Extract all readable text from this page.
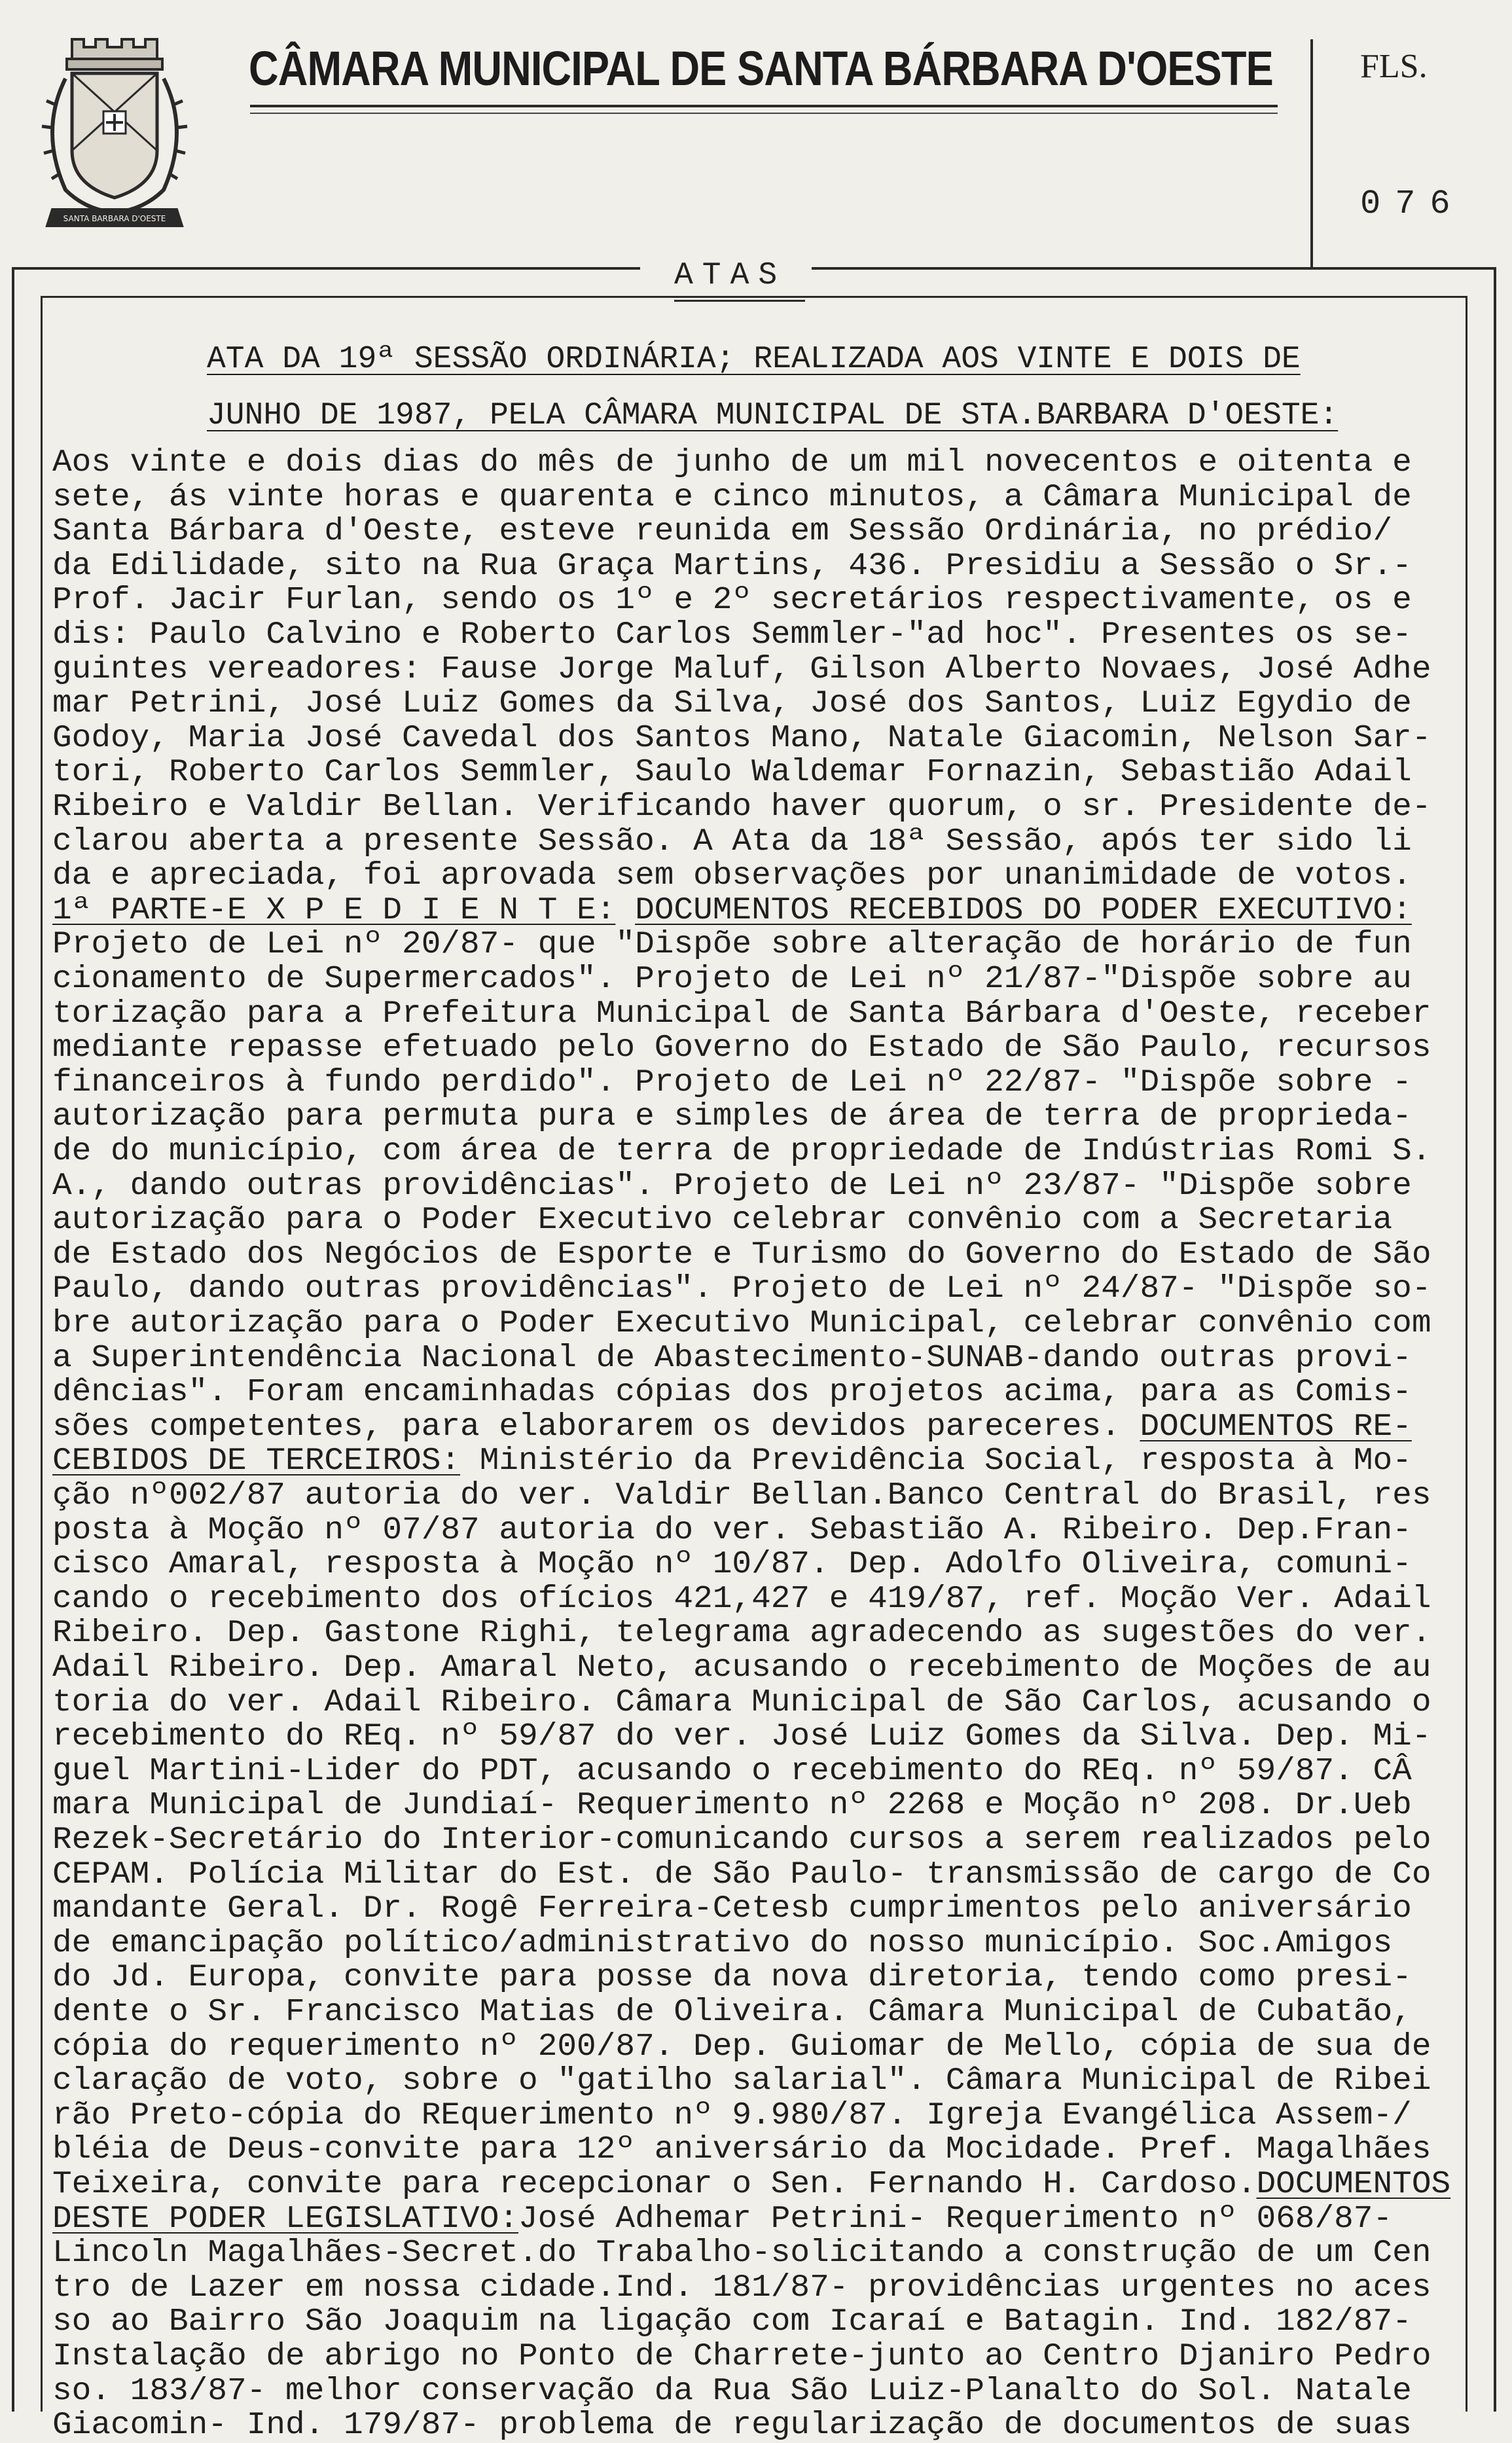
SANTA BARBARA D'OESTE
CÂMARA MUNICIPAL DE SANTA BÁRBARA D'OESTE	FLS.
076
ATAS
ATA DA 19ª SESSÃO ORDINÁRIA; REALIZADA AOS VINTE E DOIS DE
JUNHO DE 1987, PELA CÂMARA MUNICIPAL DE STA.BARBARA D'OESTE:
Aos vinte e dois dias do mês de junho de um mil novecentos e oitenta e
sete, ás vinte horas e quarenta e cinco minutos, a Câmara Municipal de
Santa Bárbara d'Oeste, esteve reunida em Sessão Ordinária, no prédio/
da Edilidade, sito na Rua Graça Martins, 436. Presidiu a Sessão o Sr.-
Prof. Jacir Furlan, sendo os 1º e 2º secretários respectivamente, os e
dis: Paulo Calvino e Roberto Carlos Semmler-"ad hoc". Presentes os se-
guintes vereadores: Fause Jorge Maluf, Gilson Alberto Novaes, José Adhe
mar Petrini, José Luiz Gomes da Silva, José dos Santos, Luiz Egydio de
Godoy, Maria José Cavedal dos Santos Mano, Natale Giacomin, Nelson Sar-
tori, Roberto Carlos Semmler, Saulo Waldemar Fornazin, Sebastião Adail
Ribeiro e Valdir Bellan. Verificando haver quorum, o sr. Presidente de-
clarou aberta a presente Sessão. A Ata da 18ª Sessão, após ter sido li
da e apreciada, foi aprovada sem observações por unanimidade de votos.
1ª PARTE-E X P E D I E N T E: DOCUMENTOS RECEBIDOS DO PODER EXECUTIVO:
Projeto de Lei nº 20/87- que "Dispõe sobre alteração de horário de fun
cionamento de Supermercados". Projeto de Lei nº 21/87-"Dispõe sobre au
torização para a Prefeitura Municipal de Santa Bárbara d'Oeste, receber
mediante repasse efetuado pelo Governo do Estado de São Paulo, recursos
financeiros à fundo perdido". Projeto de Lei nº 22/87- "Dispõe sobre -
autorização para permuta pura e simples de área de terra de proprieda-
de do município, com área de terra de propriedade de Indústrias Romi S.
A., dando outras providências". Projeto de Lei nº 23/87- "Dispõe sobre
autorização para o Poder Executivo celebrar convênio com a Secretaria
de Estado dos Negócios de Esporte e Turismo do Governo do Estado de São
Paulo, dando outras providências". Projeto de Lei nº 24/87- "Dispõe so-
bre autorização para o Poder Executivo Municipal, celebrar convênio com
a Superintendência Nacional de Abastecimento-SUNAB-dando outras provi-
dências". Foram encaminhadas cópias dos projetos acima, para as Comis-
sões competentes, para elaborarem os devidos pareceres. DOCUMENTOS RE-
CEBIDOS DE TERCEIROS: Ministério da Previdência Social, resposta à Mo-
ção nº002/87 autoria do ver. Valdir Bellan.Banco Central do Brasil, res
posta à Moção nº 07/87 autoria do ver. Sebastião A. Ribeiro. Dep.Fran-
cisco Amaral, resposta à Moção nº 10/87. Dep. Adolfo Oliveira, comuni-
cando o recebimento dos ofícios 421,427 e 419/87, ref. Moção Ver. Adail
Ribeiro. Dep. Gastone Righi, telegrama agradecendo as sugestões do ver.
Adail Ribeiro. Dep. Amaral Neto, acusando o recebimento de Moções de au
toria do ver. Adail Ribeiro. Câmara Municipal de São Carlos, acusando o
recebimento do REq. nº 59/87 do ver. José Luiz Gomes da Silva. Dep. Mi-
guel Martini-Lider do PDT, acusando o recebimento do REq. nº 59/87. CÂ
mara Municipal de Jundiaí- Requerimento nº 2268 e Moção nº 208. Dr.Ueb
Rezek-Secretário do Interior-comunicando cursos a serem realizados pelo
CEPAM. Polícia Militar do Est. de São Paulo- transmissão de cargo de Co
mandante Geral. Dr. Rogê Ferreira-Cetesb cumprimentos pelo aniversário
de emancipação político/administrativo do nosso município. Soc.Amigos
do Jd. Europa, convite para posse da nova diretoria, tendo como presi-
dente o Sr. Francisco Matias de Oliveira. Câmara Municipal de Cubatão,
cópia do requerimento nº 200/87. Dep. Guiomar de Mello, cópia de sua de
claração de voto, sobre o "gatilho salarial". Câmara Municipal de Ribei
rão Preto-cópia do REquerimento nº 9.980/87. Igreja Evangélica Assem-/
bléia de Deus-convite para 12º aniversário da Mocidade. Pref. Magalhães
Teixeira, convite para recepcionar o Sen. Fernando H. Cardoso.DOCUMENTOS
DESTE PODER LEGISLATIVO:José Adhemar Petrini- Requerimento nº 068/87-
Lincoln Magalhães-Secret.do Trabalho-solicitando a construção de um Cen
tro de Lazer em nossa cidade.Ind. 181/87- providências urgentes no aces
so ao Bairro São Joaquim na ligação com Icaraí e Batagin. Ind. 182/87-
Instalação de abrigo no Ponto de Charrete-junto ao Centro Djaniro Pedro
so. 183/87- melhor conservação da Rua São Luiz-Planalto do Sol. Natale
Giacomin- Ind. 179/87- problema de regularização de documentos de suas
